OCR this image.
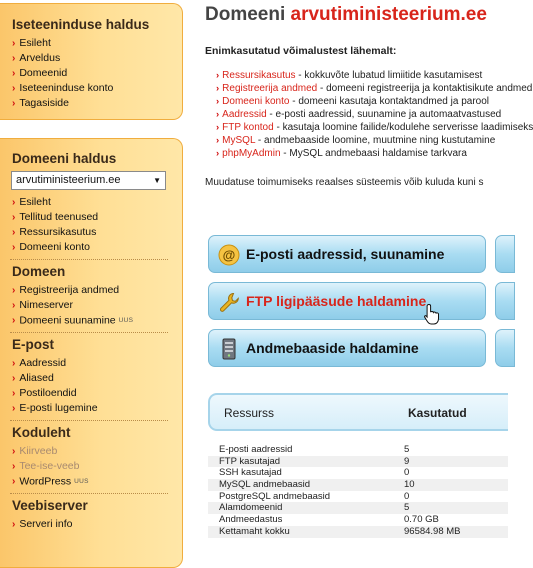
Iseteeninduse haldus
› Esileht
› Arveldus
› Domeenid
› Iseteeninduse konto
› Tagasiside
Domeeni haldus
arvutiministeerium.ee	▼
› Esileht
› Tellitud teenused
› Ressursikasutus
› Domeeni konto
Domeen
› Registreerija andmed
› Nimeserver
› Domeeni suunamine UUS
E-post
› Aadressid
› Aliased
› Postiloendid
› E-posti lugemine
Koduleht
› Kiirveeb
› Tee-ise-veeb
› WordPress UUS
Veebiserver
› Serveri info
Domeeni arvutiministeerium.ee
Enimkasutatud võimalustest lähemalt:
› Ressursikasutus - kokkuvõte lubatud limiitide kasutamisest
› Registreerija andmed - domeeni registreerija ja kontaktisikute andmed
› Domeeni konto - domeeni kasutaja kontaktandmed ja parool
› Aadressid - e-posti aadressid, suunamine ja automaatvastused
› FTP kontod - kasutaja loomine failide/kodulehe serverisse laadimiseks
› MySQL - andmebaaside loomine, muutmine ning kustutamine
› phpMyAdmin - MySQL andmebaasi haldamise tarkvara
Muudatuse toimumiseks reaalses süsteemis võib kuluda kuni s
@ E-posti aadressid, suunamine
FTP ligipääsude haldamine
Andmebaaside haldamine
Ressurss	Kasutatud
E-posti aadressid	5
FTP kasutajad	9
SSH kasutajad	0
MySQL andmebaasid	10
PostgreSQL andmebaasid	0
Alamdomeenid	5
Andmeedastus	0.70 GB
Kettamaht kokku	96584.98 MB
